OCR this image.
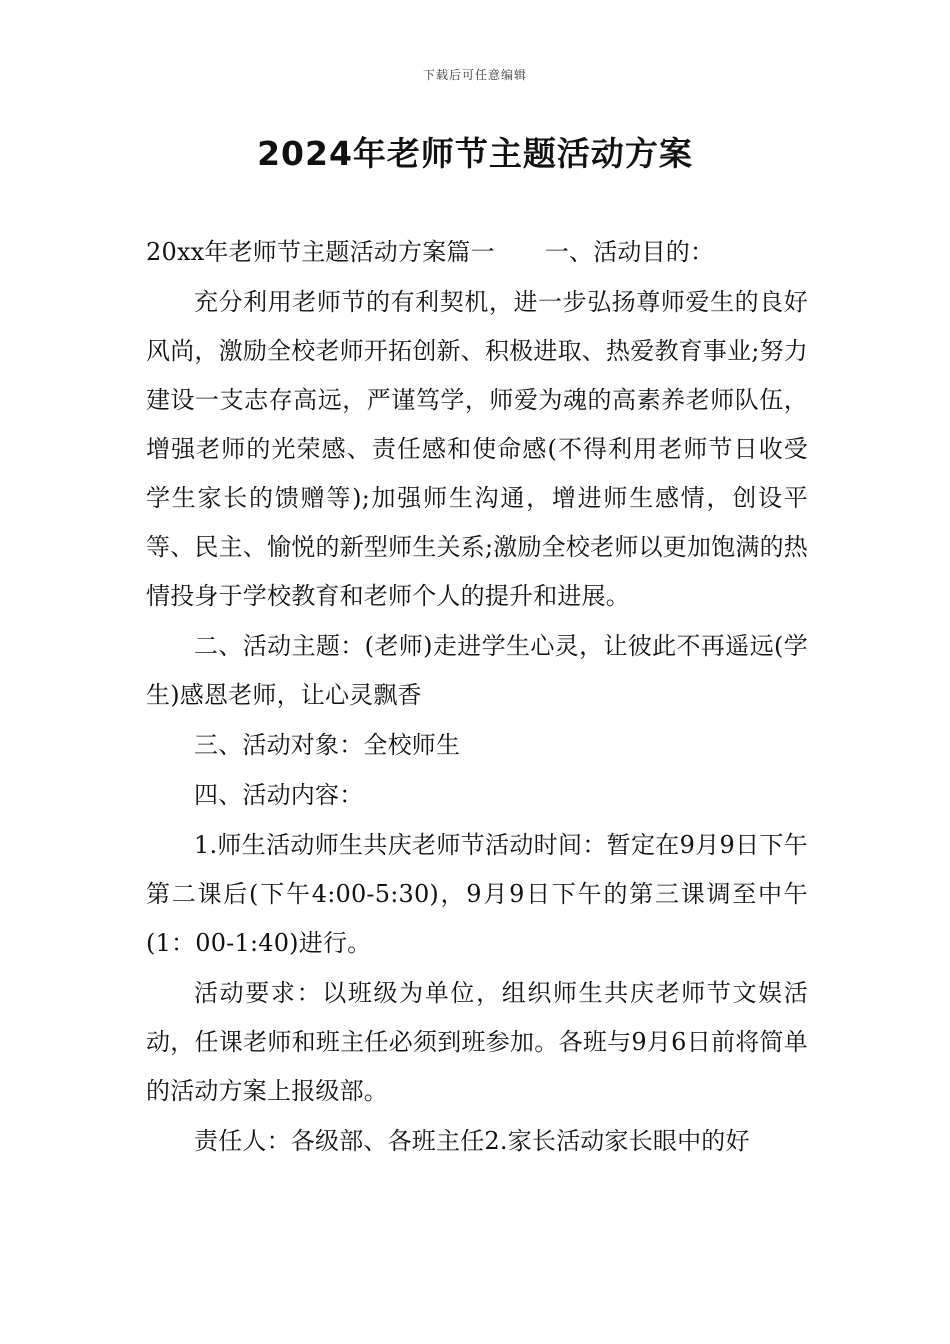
下载后可任意编辑
2024年老师节主题活动方案

20xx年老师节主题活动方案篇一 一、活动目的：

充分利用老师节的有利契机，进一步弘扬尊师爱生的良好风尚，激励全校老师开拓创新、积极进取、热爱教育事业;努力建设一支志存高远，严谨笃学，师爱为魂的高素养老师队伍，增强老师的光荣感、责任感和使命感(不得利用老师节日收受学生家长的馈赠等);加强师生沟通，增进师生感情，创设平等、民主、愉悦的新型师生关系;激励全校老师以更加饱满的热情投身于学校教育和老师个人的提升和进展。

二、活动主题：(老师)走进学生心灵，让彼此不再遥远(学生)感恩老师，让心灵飘香

三、活动对象：全校师生

四、活动内容：

1.师生活动师生共庆老师节活动时间：暂定在9月9日下午第二课后(下午4:00-5:30)，9月9日下午的第三课调至中午(1：00-1:40)进行。

活动要求：以班级为单位，组织师生共庆老师节文娱活动，任课老师和班主任必须到班参加。各班与9月6日前将简单的活动方案上报级部。

责任人：各级部、各班主任2.家长活动家长眼中的好
